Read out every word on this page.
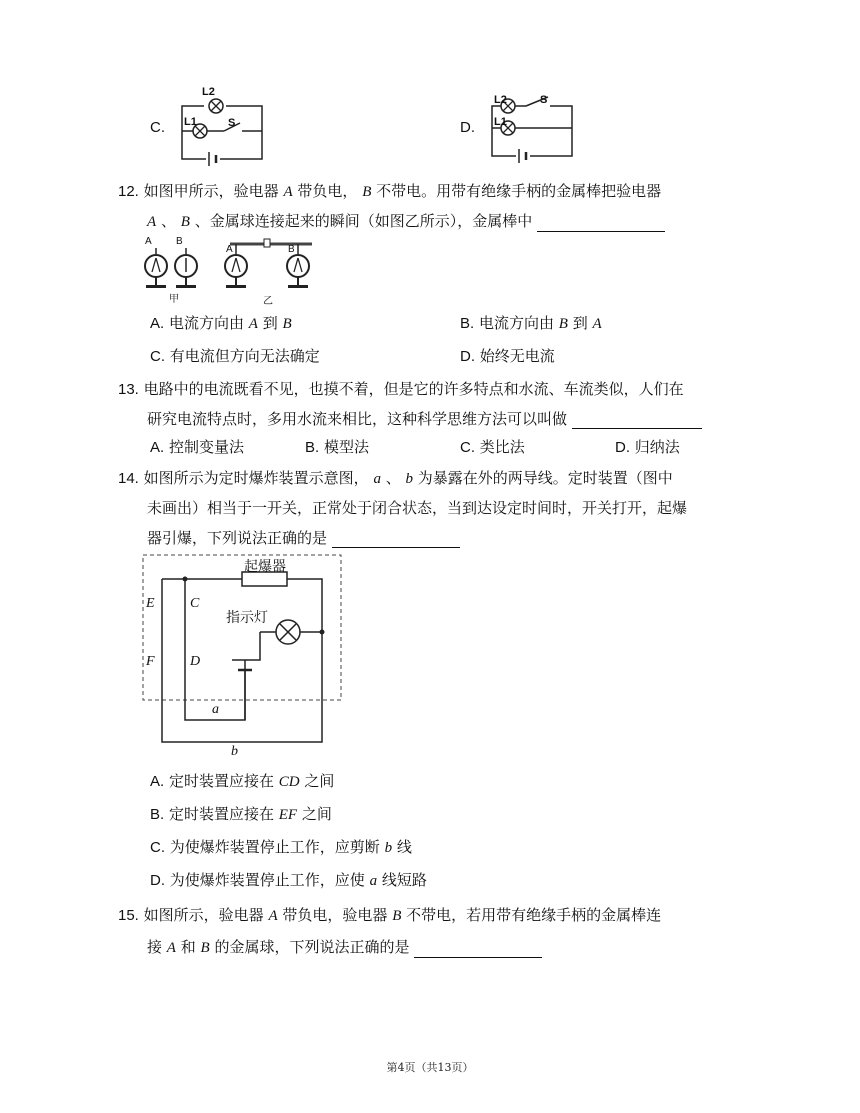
C.
L2
L1	S	D.
L2
L1
S
12. 如图甲所示，验电器 A 带负电， B 不带电。用带有绝缘手柄的金属棒把验电器
A 、 B 、金属球连接起来的瞬间（如图乙所示），金属棒中
A B
A	B
甲	乙
A. 电流方向由 A 到 B	B. 电流方向由 B 到 A
C. 有电流但方向无法确定	D. 始终无电流
13. 电路中的电流既看不见，也摸不着，但是它的许多特点和水流、车流类似，人们在
研究电流特点时，多用水流来相比，这种科学思维方法可以叫做
A. 控制变量法	B. 模型法	C. 类比法	D. 归纳法
14. 如图所示为定时爆炸装置示意图， a 、 b 为暴露在外的两导线。定时装置（图中
未画出）相当于一开关，正常处于闭合状态，当到达设定时间时，开关打开，起爆
器引爆，下列说法正确的是
起爆器
指示灯
E
F
C
D
a
b
A. 定时装置应接在 CD 之间
B. 定时装置应接在 EF 之间
C. 为使爆炸装置停止工作，应剪断 b 线
D. 为使爆炸装置停止工作，应使 a 线短路
15. 如图所示，验电器 A 带负电，验电器 B 不带电，若用带有绝缘手柄的金属棒连
接 A 和 B 的金属球，下列说法正确的是
第4页（共13页）
